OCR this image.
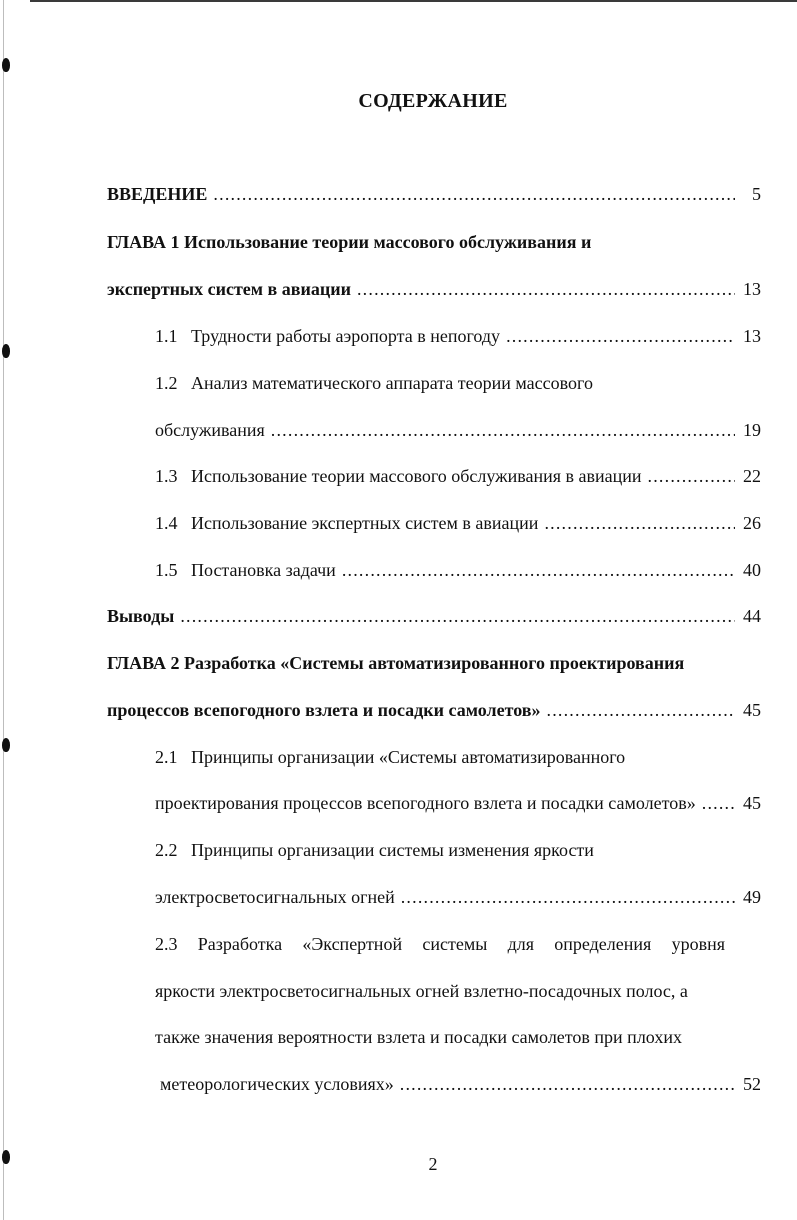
СОДЕРЖАНИЕ
ВВЕДЕНИЕ .....	5
ГЛАВА 1 Использование теории массового обслуживания и
экспертных систем в авиации .....	13
1.1 Трудности работы аэропорта в непогоду .....	13
1.2 Анализ математического аппарата теории массового
обслуживания .....	19
1.3 Использование теории массового обслуживания в авиации .....	22
1.4 Использование экспертных систем в авиации .....	26
1.5 Постановка задачи .....	40
Выводы .....	44
ГЛАВА 2 Разработка «Системы автоматизированного проектирования
процессов всепогодного взлета и посадки самолетов» .....	45
2.1 Принципы организации «Системы автоматизированного
проектирования процессов всепогодного взлета и посадки самолетов» .....	45
2.2 Принципы организации системы изменения яркости
электросветосигнальных огней .....	49
2.3 Разработка «Экспертной системы для определения уровня
яркости электросветосигнальных огней взлетно-посадочных полос, а
также значения вероятности взлета и посадки самолетов при плохих
метеорологических условиях» .....	52
2
